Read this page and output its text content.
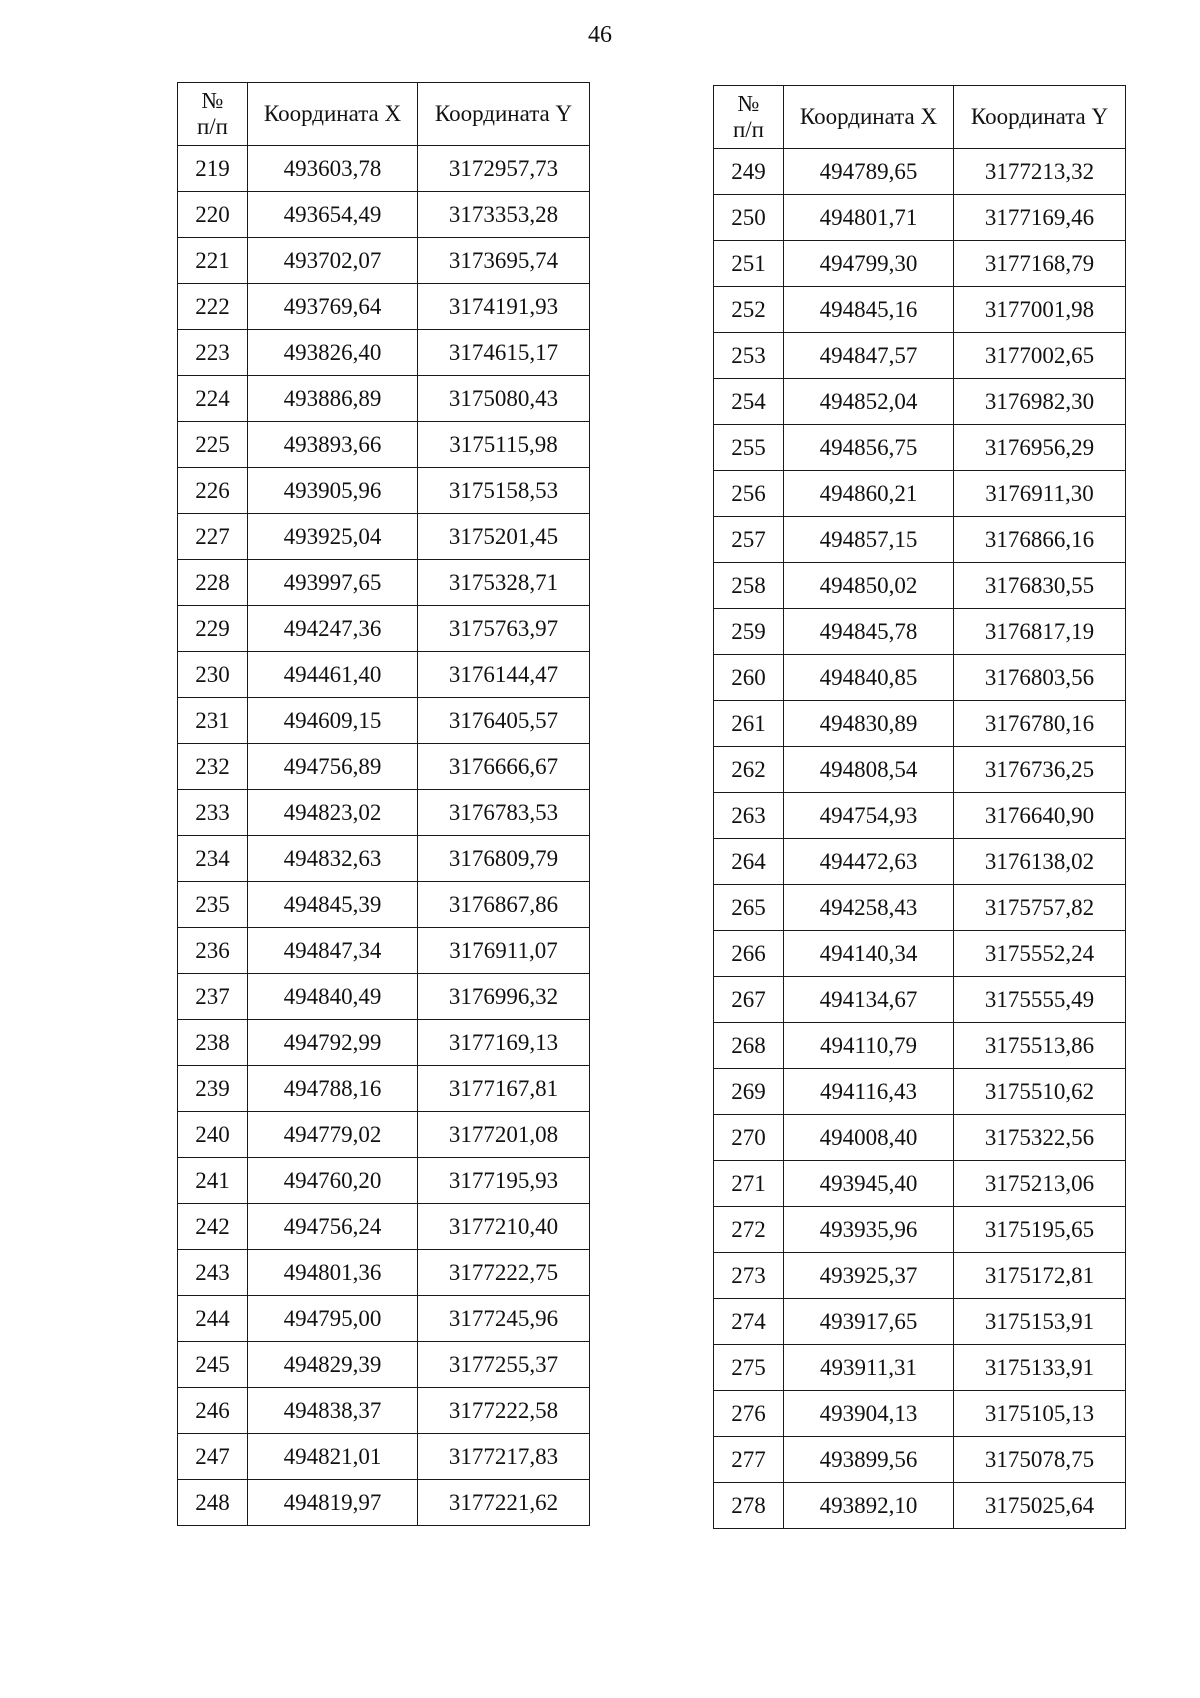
46
№
п/п	Координата X	Координата Y
219	493603,78	3172957,73
220	493654,49	3173353,28
221	493702,07	3173695,74
222	493769,64	3174191,93
223	493826,40	3174615,17
224	493886,89	3175080,43
225	493893,66	3175115,98
226	493905,96	3175158,53
227	493925,04	3175201,45
228	493997,65	3175328,71
229	494247,36	3175763,97
230	494461,40	3176144,47
231	494609,15	3176405,57
232	494756,89	3176666,67
233	494823,02	3176783,53
234	494832,63	3176809,79
235	494845,39	3176867,86
236	494847,34	3176911,07
237	494840,49	3176996,32
238	494792,99	3177169,13
239	494788,16	3177167,81
240	494779,02	3177201,08
241	494760,20	3177195,93
242	494756,24	3177210,40
243	494801,36	3177222,75
244	494795,00	3177245,96
245	494829,39	3177255,37
246	494838,37	3177222,58
247	494821,01	3177217,83
248	494819,97	3177221,62
№
п/п	Координата X	Координата Y
249	494789,65	3177213,32
250	494801,71	3177169,46
251	494799,30	3177168,79
252	494845,16	3177001,98
253	494847,57	3177002,65
254	494852,04	3176982,30
255	494856,75	3176956,29
256	494860,21	3176911,30
257	494857,15	3176866,16
258	494850,02	3176830,55
259	494845,78	3176817,19
260	494840,85	3176803,56
261	494830,89	3176780,16
262	494808,54	3176736,25
263	494754,93	3176640,90
264	494472,63	3176138,02
265	494258,43	3175757,82
266	494140,34	3175552,24
267	494134,67	3175555,49
268	494110,79	3175513,86
269	494116,43	3175510,62
270	494008,40	3175322,56
271	493945,40	3175213,06
272	493935,96	3175195,65
273	493925,37	3175172,81
274	493917,65	3175153,91
275	493911,31	3175133,91
276	493904,13	3175105,13
277	493899,56	3175078,75
278	493892,10	3175025,64
